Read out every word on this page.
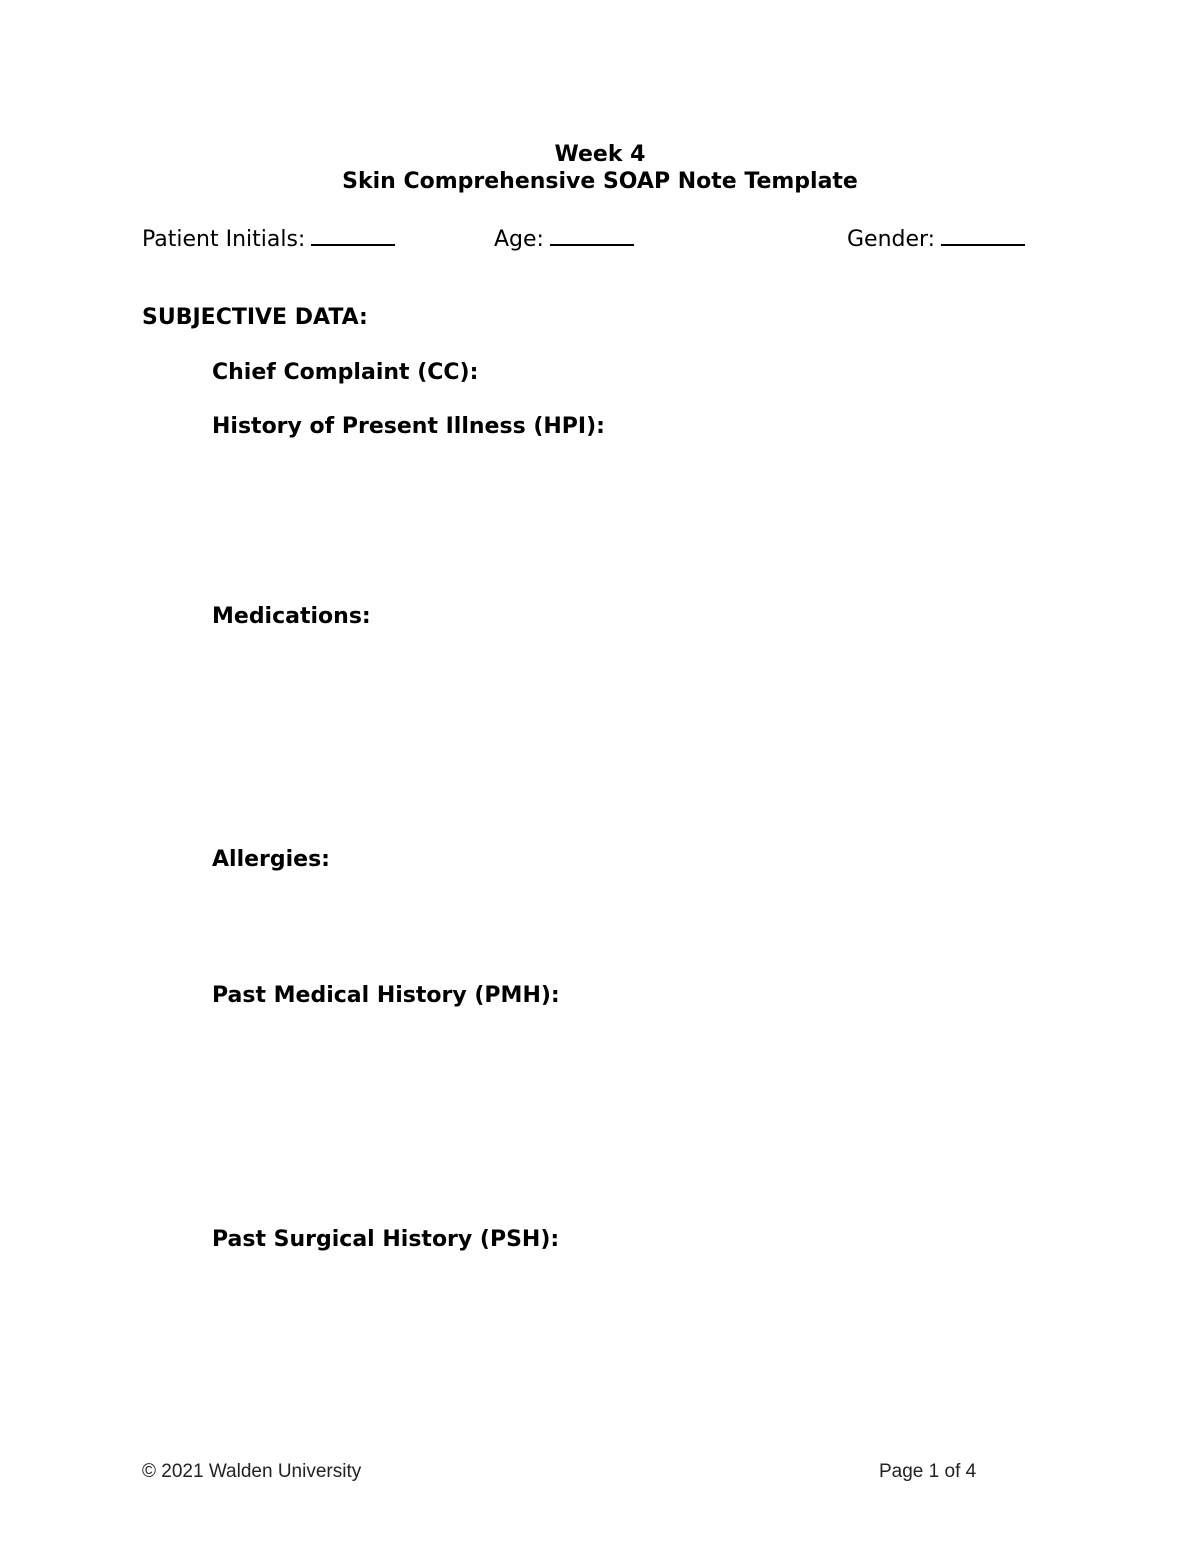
Week 4
Skin Comprehensive SOAP Note Template
Patient Initials:	Age:	Gender:
SUBJECTIVE DATA:

Chief Complaint (CC):

History of Present Illness (HPI):

Medications:

Allergies:

Past Medical History (PMH):

Past Surgical History (PSH):

© 2021 Walden University	Page 1 of 4
